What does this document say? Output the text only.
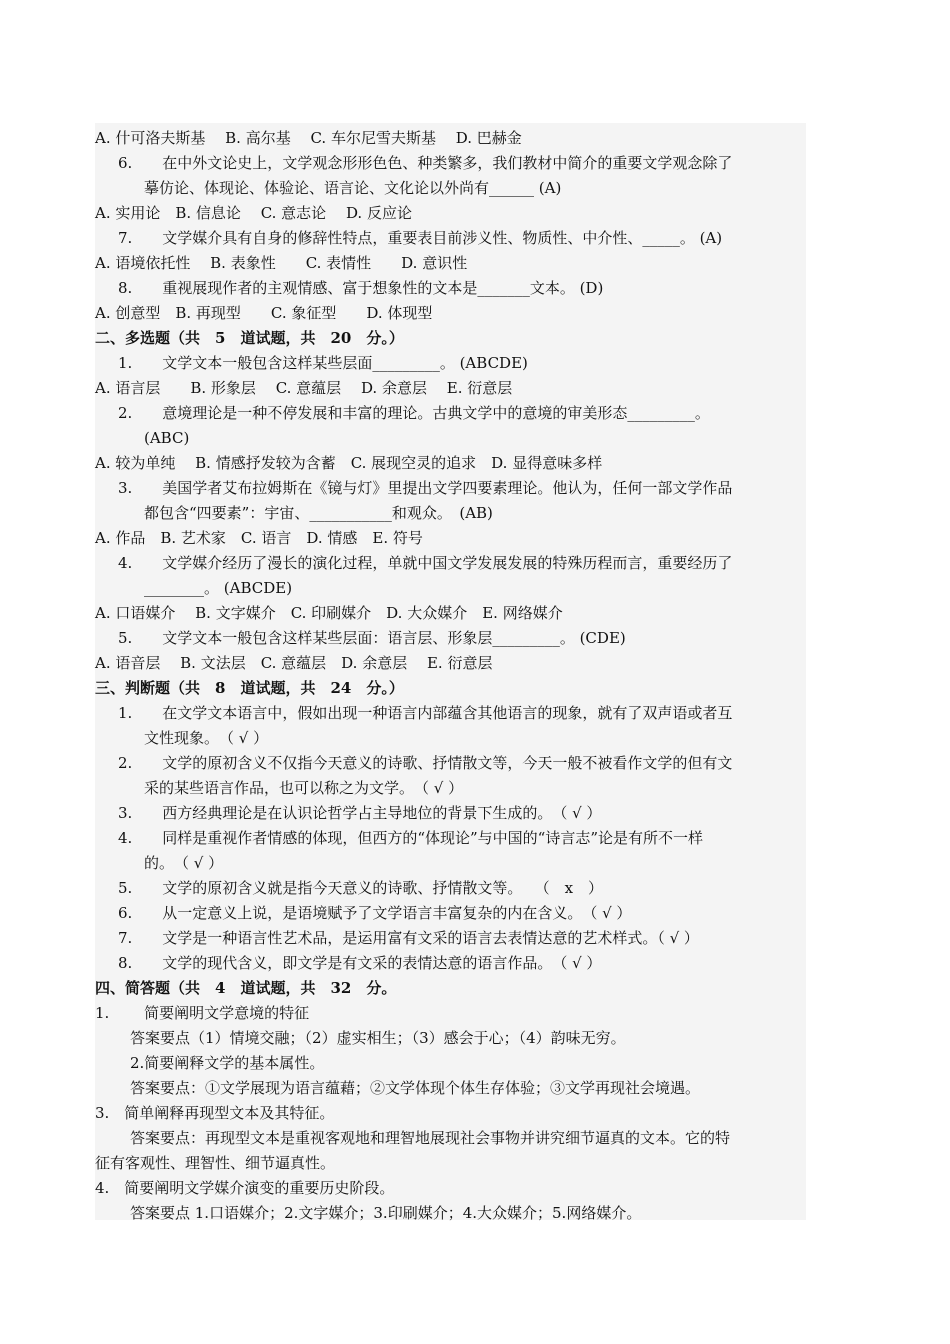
A. 什可洛夫斯基　 B. 高尔基　 C. 车尔尼雪夫斯基　 D. 巴赫金
6.　　在中外文论史上，文学观念形形色色、种类繁多，我们教材中简介的重要文学观念除了
摹仿论、体现论、体验论、语言论、文化论以外尚有______ (A)
A. 实用论　B. 信息论　 C. 意志论　 D. 反应论
7.　　文学媒介具有自身的修辞性特点，重要表目前涉义性、物质性、中介性、_____。 (A)
A. 语境依托性　 B. 表象性　　C. 表情性　　D. 意识性
8.　　重视展现作者的主观情感、富于想象性的文本是_______文本。 (D)
A. 创意型　B. 再现型　　C. 象征型　　D. 体现型
二、多选题（共　5　道试题，共　20　分。）
1.　　文学文本一般包含这样某些层面_________。 (ABCDE)
A. 语言层　　B. 形象层　 C. 意蕴层　 D. 余意层　 E. 衍意层
2.　　意境理论是一种不停发展和丰富的理论。古典文学中的意境的审美形态_________。
(ABC)
A. 较为单纯　 B. 情感抒发较为含蓄　C. 展现空灵的追求　D. 显得意味多样
3.　　美国学者艾布拉姆斯在《镜与灯》里提出文学四要素理论。他认为，任何一部文学作品
都包含“四要素”：宇宙、___________和观众。　(AB)
A. 作品　B. 艺术家　C. 语言　D. 情感　E. 符号
4.　　文学媒介经历了漫长的演化过程，单就中国文学发展发展的特殊历程而言，重要经历了
________。 (ABCDE)
A. 口语媒介　 B. 文字媒介　C. 印刷媒介　D. 大众媒介　E. 网络媒介
5.　　文学文本一般包含这样某些层面：语言层、形象层_________。 (CDE)
A. 语音层　 B. 文法层　C. 意蕴层　D. 余意层　 E. 衍意层
三、判断题（共　8　道试题，共　24　分。）
1.　　在文学文本语言中，假如出现一种语言内部蕴含其他语言的现象，就有了双声语或者互
文性现象。　（ √ ）
2.　　文学的原初含义不仅指今天意义的诗歌、抒情散文等，今天一般不被看作文学的但有文
采的某些语言作品，也可以称之为文学。　（ √ ）
3.　　西方经典理论是在认识论哲学占主导地位的背景下生成的。　（ √ ）
4.　　同样是重视作者情感的体现，但西方的“体现论”与中国的“诗言志”论是有所不一样
的。　（ √ ）
5.　　文学的原初含义就是指今天意义的诗歌、抒情散文等。　 （　x　）
6.　　从一定意义上说，是语境赋予了文学语言丰富复杂的内在含义。　（ √ ）
7.　　文学是一种语言性艺术品，是运用富有文采的语言去表情达意的艺术样式。（ √ ）
8.　　文学的现代含义，即文学是有文采的表情达意的语言作品。　（ √ ）
四、简答题（共　4　道试题，共　32　分。
1.　　 简要阐明文学意境的特征
答案要点（1）情境交融；（2）虚实相生；（3）感会于心；（4）韵味无穷。
2.简要阐释文学的基本属性。
答案要点：①文学展现为语言蕴藉；②文学体现个体生存体验；③文学再现社会境遇。
3.　简单阐释再现型文本及其特征。
答案要点：再现型文本是重视客观地和理智地展现社会事物并讲究细节逼真的文本。它的特
征有客观性、理智性、细节逼真性。
4.　简要阐明文学媒介演变的重要历史阶段。
答案要点 1.口语媒介；2.文字媒介；3.印刷媒介；4.大众媒介；5.网络媒介。
